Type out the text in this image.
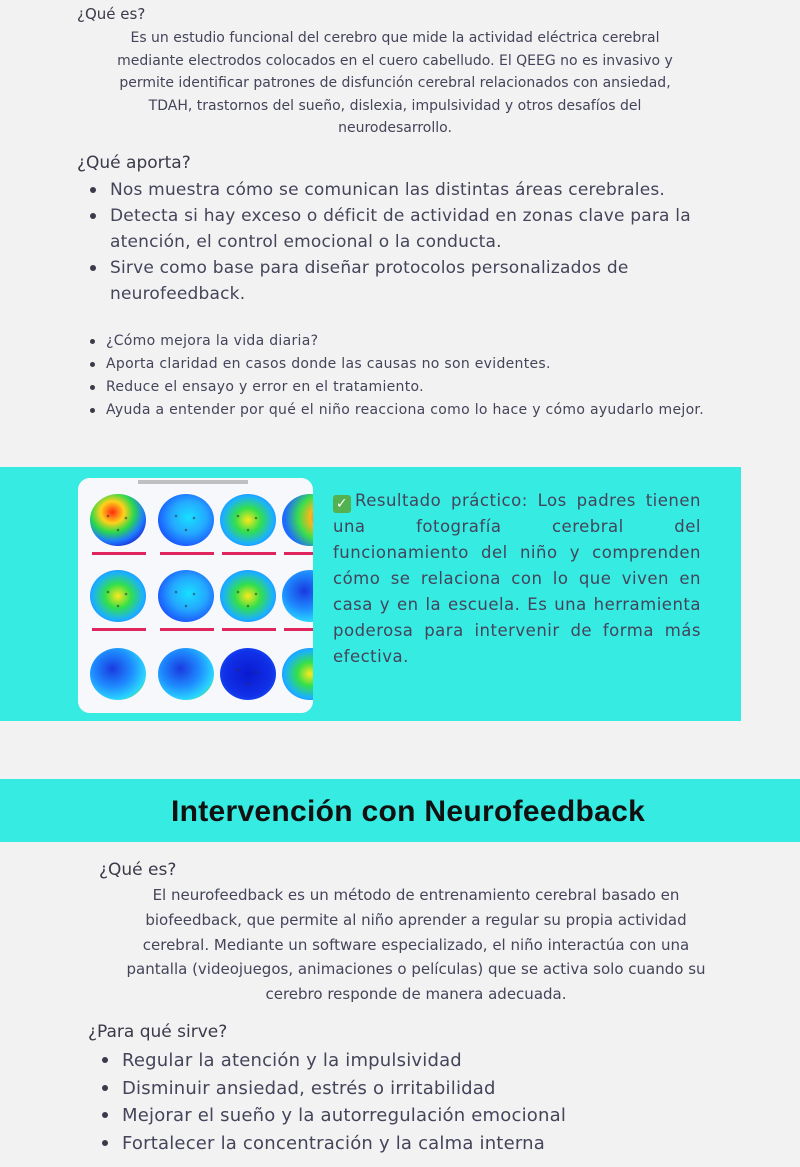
¿Qué es?
Es un estudio funcional del cerebro que mide la actividad eléctrica cerebral
mediante electrodos colocados en el cuero cabelludo. El QEEG no es invasivo y
permite identificar patrones de disfunción cerebral relacionados con ansiedad,
TDAH, trastornos del sueño, dislexia, impulsividad y otros desafíos del
neurodesarrollo.
¿Qué aporta?
Nos muestra cómo se comunican las distintas áreas cerebrales.
Detecta si hay exceso o déficit de actividad en zonas clave para la atención, el control emocional o la conducta.
Sirve como base para diseñar protocolos personalizados de neurofeedback.
¿Cómo mejora la vida diaria?
Aporta claridad en casos donde las causas no son evidentes.
Reduce el ensayo y error en el tratamiento.
Ayuda a entender por qué el niño reacciona como lo hace y cómo ayudarlo mejor.
✓ Resultado práctico: Los padres tienen una fotografía cerebral del funcionamiento del niño y comprenden cómo se relaciona con lo que viven en casa y en la escuela. Es una herramienta poderosa para intervenir de forma más efectiva.
Intervención con Neurofeedback
¿Qué es?
El neurofeedback es un método de entrenamiento cerebral basado en
biofeedback, que permite al niño aprender a regular su propia actividad
cerebral. Mediante un software especializado, el niño interactúa con una
pantalla (videojuegos, animaciones o películas) que se activa solo cuando su
cerebro responde de manera adecuada.
¿Para qué sirve?
Regular la atención y la impulsividad
Disminuir ansiedad, estrés o irritabilidad
Mejorar el sueño y la autorregulación emocional
Fortalecer la concentración y la calma interna
